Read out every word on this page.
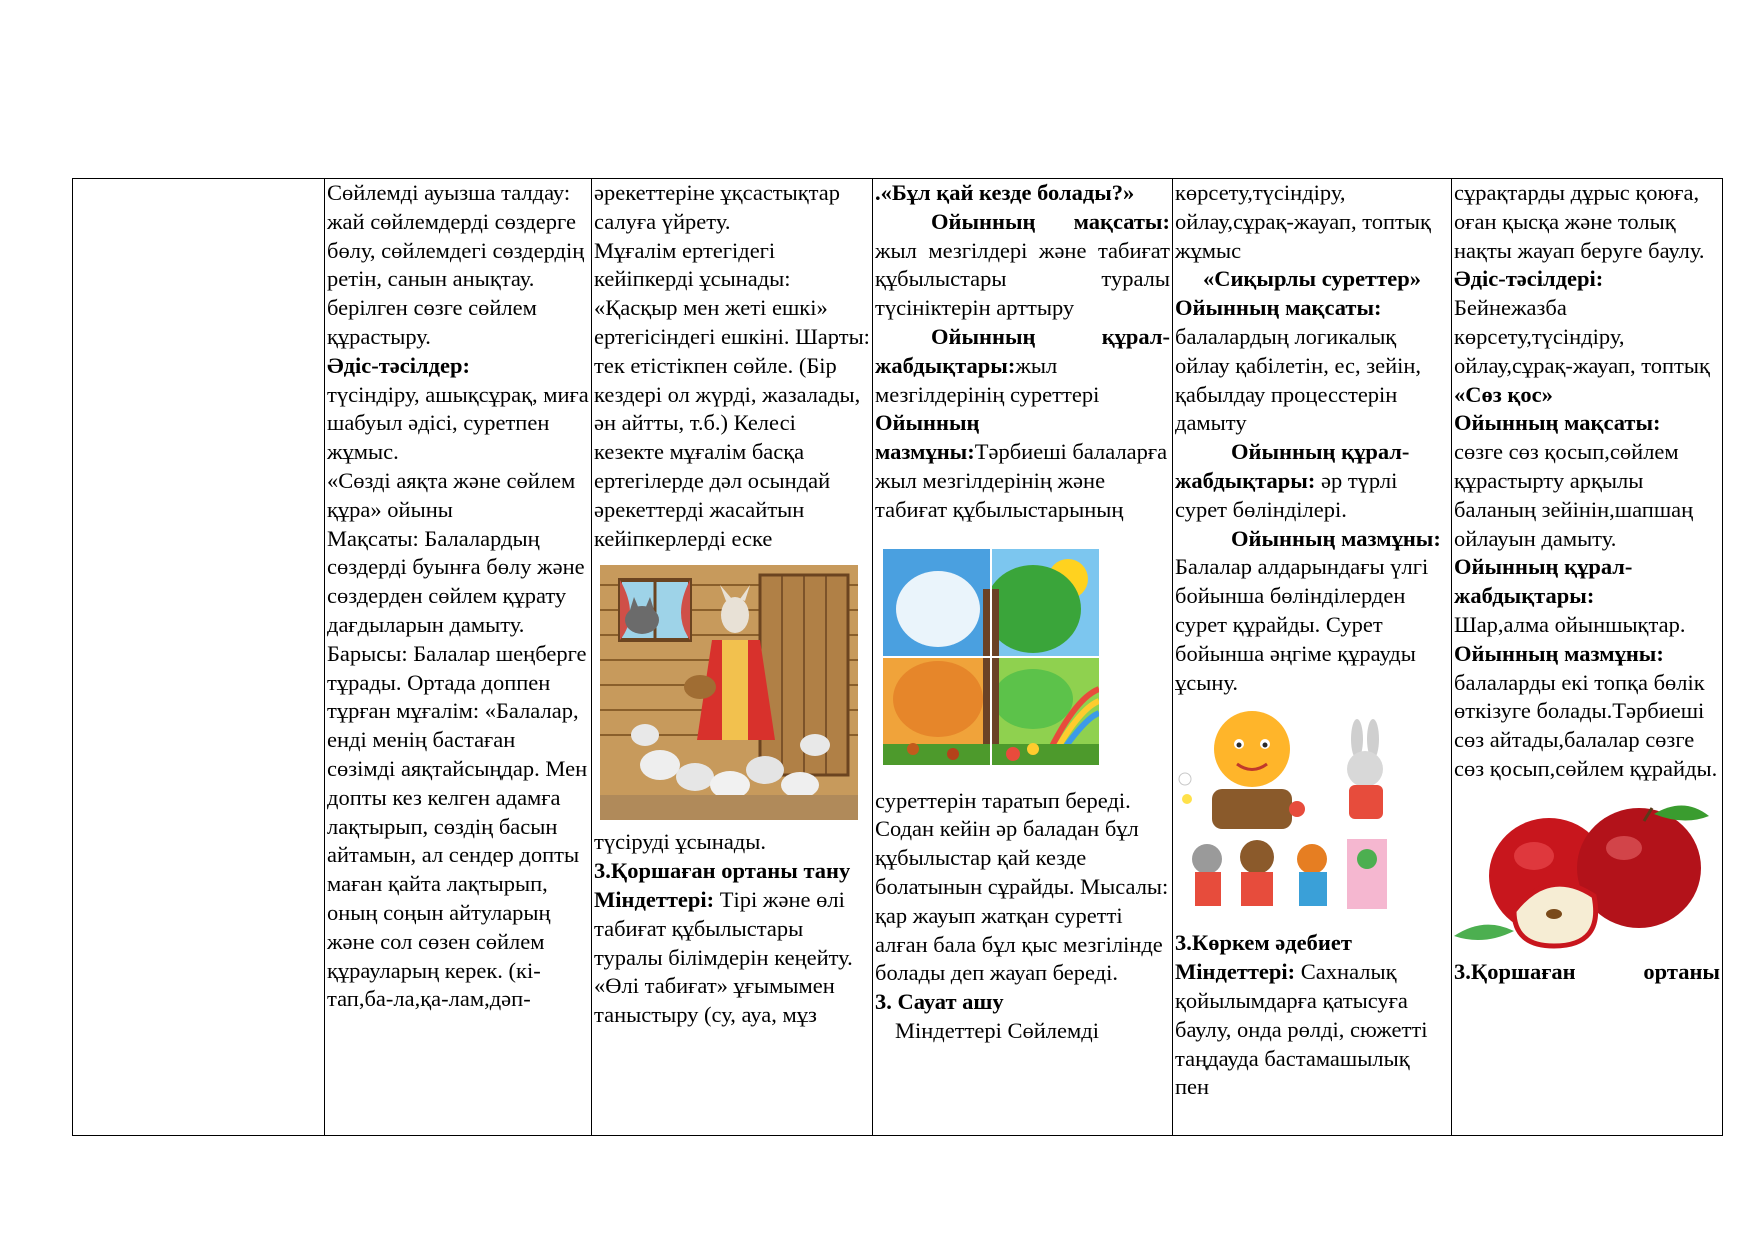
Сөйлемді ауызша талдау: жай сөйлемдерді сөздерге бөлу, сөйлемдегі сөздердің ретін, санын анықтау.

берілген сөзге сөйлем құрастыру.

Әдіс-тәсілдер:

түсіндіру, ашықсұрақ, миға шабуыл әдісі, суретпен жұмыс.

«Сөзді аяқта және сөйлем құра» ойыны

Мақсаты: Балалардың сөздерді буынға бөлу және сөздерден сөйлем құрату дағдыларын дамыту.

Барысы: Балалар шеңберге тұрады. Ортада доппен тұрған мұғалім: «Балалар, енді менің бастаған сөзімді аяқтайсыңдар. Мен допты кез келген адамға лақтырып, сөздің басын айтамын, ал сендер допты маған қайта лақтырып, оның соңын айтуларың және сол сөзен сөйлем құрауларың керек. (кі-тап,ба-ла,қа-лам,дәп-

әрекеттеріне ұқсастықтар салуға үйрету.

Мұғалім ертегідегі кейіпкерді ұсынады: «Қасқыр мен жеті ешкі» ертегісіндегі ешкіні. Шарты: тек етістікпен сөйле. (Бір кездері ол жүрді, жазалады, ән айтты, т.б.) Келесі кезекте мұғалім басқа ертегілерде дәл осындай әрекеттерді жасайтын кейіпкерлерді еске

түсіруді ұсынады.

3.Қоршаған ортаны тану

Міндеттері: Тірі және өлі табиғат құбылыстары туралы білімдерін кеңейту.

«Өлі табиғат» ұғымымен таныстыру (су, ауа, мұз

.«Бұл қай кезде болады?»

Ойынның мақсаты:

жыл мезгілдері және табиғат құбылыстары туралы түсініктерін арттыру

Ойынның құрал-жабдықтары:жыл мезгілдерінің суреттері

Ойынның мазмұны:Тәрбиеші балаларға жыл мезгілдерінің және табиғат құбылыстарының

суреттерін таратып береді. Содан кейін әр баладан бұл құбылыстар қай кезде болатынын сұрайды. Мысалы: қар жауып жатқан суретті алған бала бұл қыс мезгілінде болады деп жауап береді.

3. Сауат ашу

Міндеттері Сөйлемді

көрсету,түсіндіру, ойлау,сұрақ-жауап, топтық жұмыс

«Сиқырлы суреттер»

Ойынның мақсаты:

балалардың логикалық ойлау қабілетін, ес, зейін, қабылдау процесстерін дамыту

Ойынның құрал-жабдықтары: әр түрлі сурет бөлінділері.

Ойынның мазмұны: Балалар алдарындағы үлгі бойынша бөлінділерден сурет құрайды. Сурет бойынша әңгіме құрауды ұсыну.

3.Көркем әдебиет

Міндеттері: Сахналық қойылымдарға қатысуға баулу, онда рөлді, сюжетті таңдауда бастамашылық пен

сұрақтарды дұрыс қоюға, оған қысқа және толық нақты жауап беруге баулу.

Әдіс-тәсілдері:

Бейнежазба көрсету,түсіндіру, ойлау,сұрақ-жауап, топтық

«Сөз қос»

Ойынның мақсаты:

сөзге сөз қосып,сөйлем құрастырту арқылы баланың зейінін,шапшаң ойлауын дамыту.

Ойынның құрал-жабдықтары:

Шар,алма ойыншықтар.

Ойынның мазмұны:

балаларды екі топқа бөлік өткізуге болады.Тәрбиеші сөз айтады,балалар сөзге сөз қосып,сөйлем құрайды.

3.Қоршаған	ортаны
